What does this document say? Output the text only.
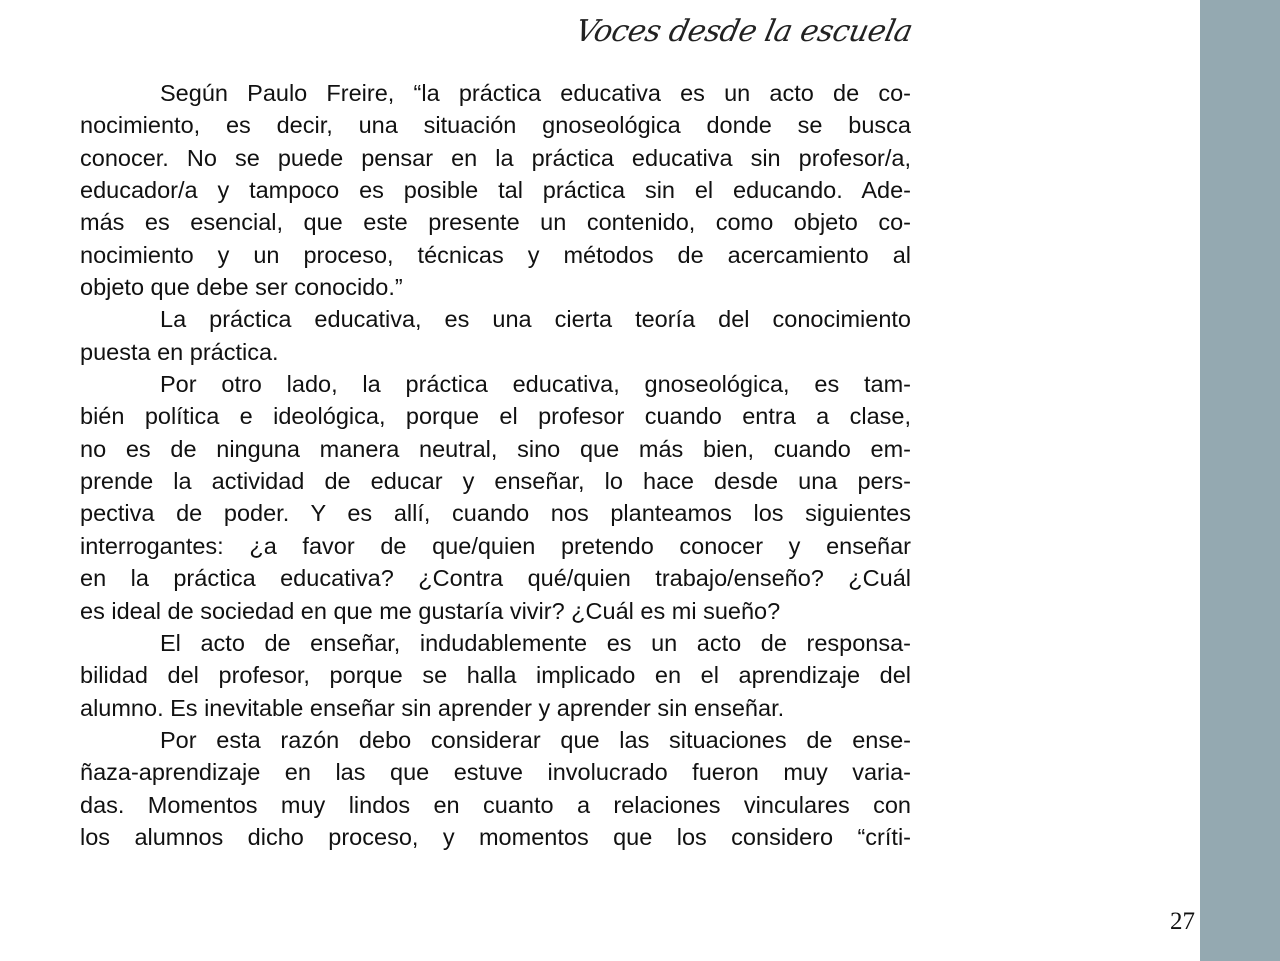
Voces desde la escuela
Según Paulo Freire, “la práctica educativa es un acto de co-
nocimiento, es decir, una situación gnoseológica donde se busca
conocer. No se puede pensar en la práctica educativa sin profesor/a,
educador/a y tampoco es posible tal práctica sin el educando. Ade-
más es esencial, que este presente un contenido, como objeto co-
nocimiento y un proceso, técnicas y métodos de acercamiento al
objeto que debe ser conocido.”
La práctica educativa, es una cierta teoría del conocimiento
puesta en práctica.
Por otro lado, la práctica educativa, gnoseológica, es tam-
bién política e ideológica, porque el profesor cuando entra a clase,
no es de ninguna manera neutral, sino que más bien, cuando em-
prende la actividad de educar y enseñar, lo hace desde una pers-
pectiva de poder. Y es allí, cuando nos planteamos los siguientes
interrogantes: ¿a favor de que/quien pretendo conocer y enseñar
en la práctica educativa? ¿Contra qué/quien trabajo/enseño? ¿Cuál
es ideal de sociedad en que me gustaría vivir? ¿Cuál es mi sueño?
El acto de enseñar, indudablemente es un acto de responsa-
bilidad del profesor, porque se halla implicado en el aprendizaje del
alumno. Es inevitable enseñar sin aprender y aprender sin enseñar.
Por esta razón debo considerar que las situaciones de ense-
ñaza-aprendizaje en las que estuve involucrado fueron muy varia-
das. Momentos muy lindos en cuanto a relaciones vinculares con
los alumnos dicho proceso, y momentos que los considero “críti-
27
